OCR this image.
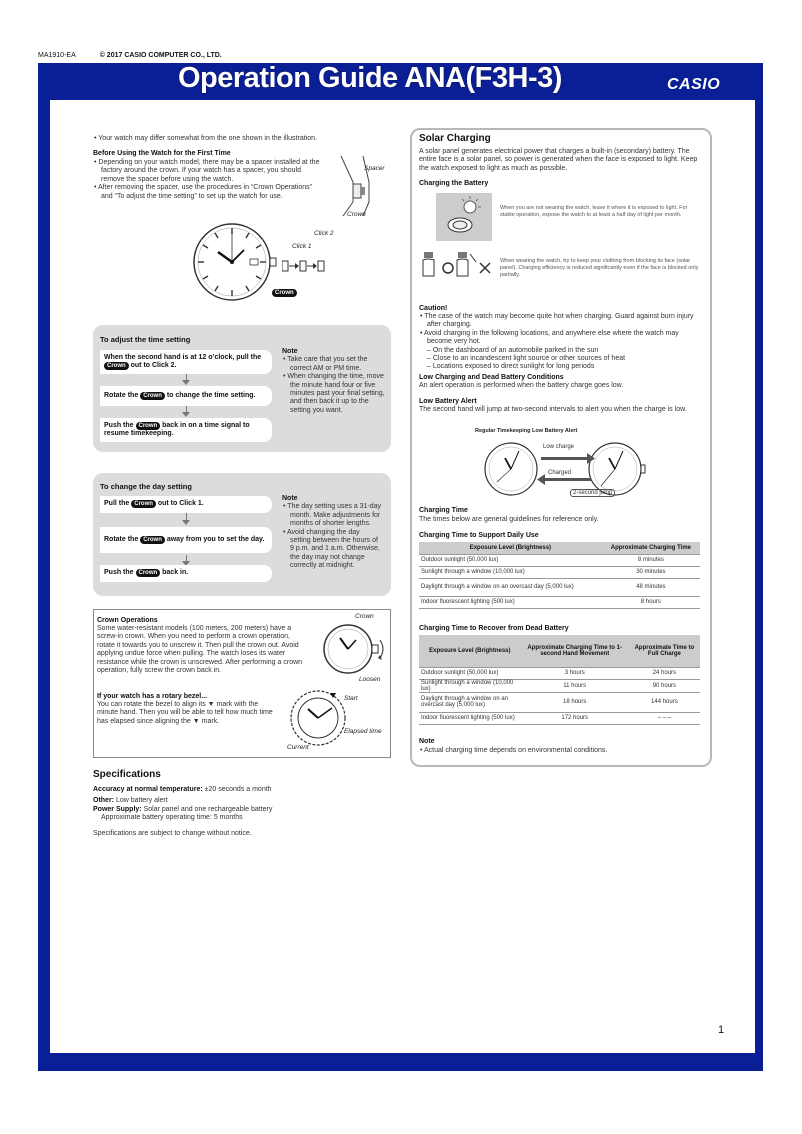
MA1910-EA	© 2017 CASIO COMPUTER CO., LTD.
Operation Guide ANA(F3H-3)	CASIO
• Your watch may differ somewhat from the one shown in the illustration.
Before Using the Watch for the First Time
• Depending on your watch model, there may be a spacer installed at the factory around the crown. If your watch has a spacer, you should remove the spacer before using the watch.
• After removing the spacer, use the procedures in “Crown Operations” and “To adjust the time setting” to set up the watch for use.
Spacer
Crown
Click 1
Click 2
Crown
To adjust the time setting
When the second hand is at 12 o’clock, pull the
Crown out to Click 2.
Rotate the Crown to change the time setting.
Push the Crown back in on a time signal to resume timekeeping.
Note
• Take care that you set the correct AM or PM time.
• When changing the time, move the minute hand four or five minutes past your final setting, and then back it up to the setting you want.
To change the day setting
Pull the Crown out to Click 1.
Rotate the Crown away from you to set the day.
Push the Crown back in.
Note
• The day setting uses a 31-day month. Make adjustments for months of shorter lengths.
• Avoid changing the day setting between the hours of 9 p.m. and 1 a.m. Otherwise, the day may not change correctly at midnight.
Crown Operations
Some water-resistant models (100 meters, 200 meters) have a screw-in crown. When you need to perform a crown operation, rotate it towards you to unscrew it. Then pull the crown out. Avoid applying undue force when pulling. The watch loses its water resistance while the crown is unscrewed. After performing a crown operation, fully screw the crown back in.
Crown
Loosen
If your watch has a rotary bezel...
You can rotate the bezel to align its ▼ mark with the minute hand. Then you will be able to tell how much time has elapsed since aligning the ▼ mark.
Start
Elapsed time
Current
Specifications
Accuracy at normal temperature: ±20 seconds a month
Other: Low battery alert
Power Supply: Solar panel and one rechargeable battery
Approximate battery operating time: 5 months
Specifications are subject to change without notice.
Solar Charging
A solar panel generates electrical power that charges a built-in (secondary) battery. The entire face is a solar panel, so power is generated when the face is exposed to light. Keep the watch exposed to light as much as possible.
Charging the Battery
When you are not wearing the watch, leave it where it is exposed to light. For stable operation, expose the watch to at least a half day of light per month.
When wearing the watch, try to keep your clothing from blocking its face (solar panel). Charging efficiency is reduced significantly even if the face is blocked only partially.
Caution!
• The case of the watch may become quite hot when charging. Guard against burn injury after charging.
• Avoid charging in the following locations, and anywhere else where the watch may become very hot.
– On the dashboard of an automobile parked in the sun
– Close to an incandescent light source or other sources of heat
– Locations exposed to direct sunlight for long periods
Low Charging and Dead Battery Conditions
An alert operation is performed when the battery charge goes low.
Low Battery Alert
The second hand will jump at two-second intervals to alert you when the charge is low.
Regular Timekeeping Low Battery Alert
Low charge
Charged
2-second jump
Charging Time
The times below are general guidelines for reference only.
Charging Time to Support Daily Use
Exposure Level (Brightness)	Approximate Charging Time
Outdoor sunlight (50,000 lux)	8 minutes
Sunlight through a window (10,000 lux)	30 minutes
Daylight through a window on an overcast day (5,000 lux)	48 minutes
Indoor fluorescent lighting (500 lux)	8 hours
Charging Time to Recover from Dead Battery
Exposure Level (Brightness)	Approximate Charging Time to 1-second Hand Movement	Approximate Time to Full Charge
Outdoor sunlight (50,000 lux)	3 hours	24 hours
Sunlight through a window (10,000 lux)	11 hours	90 hours
Daylight through a window on an overcast day (5,000 lux)	18 hours	144 hours
Indoor fluorescent lighting (500 lux)	172 hours	– – –
Note
• Actual charging time depends on environmental conditions.
1
